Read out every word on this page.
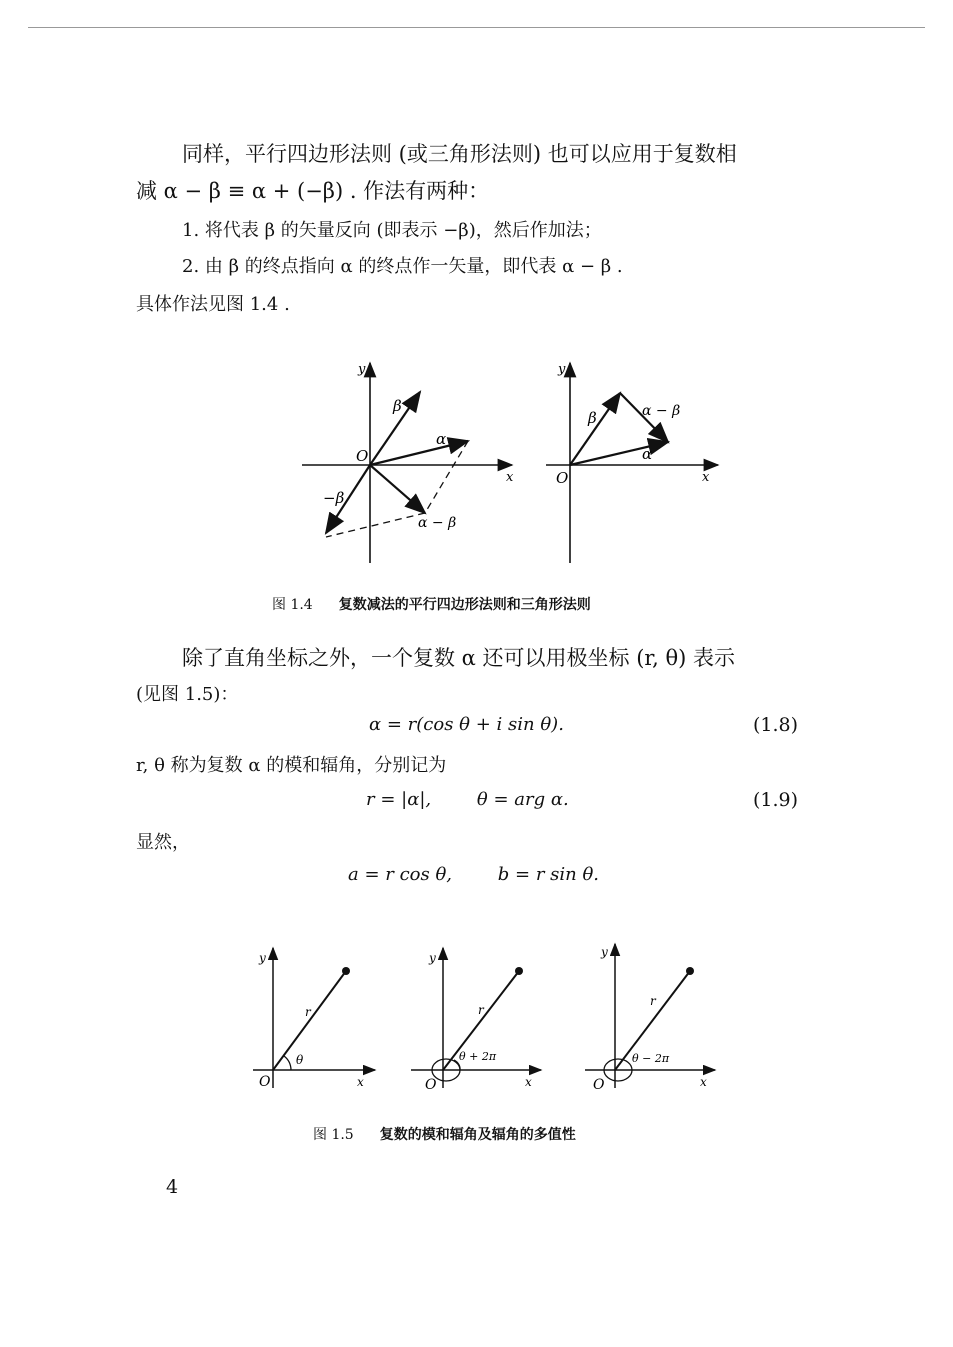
同样，平行四边形法则 (或三角形法则) 也可以应用于复数相
减 α − β ≡ α + (−β) . 作法有两种：
1. 将代表 β 的矢量反向 (即表示 −β)，然后作加法；
2. 由 β 的终点指向 α 的终点作一矢量，即代表 α − β .
具体作法见图 1.4 .
y
x
O
β
α
−β
α − β
y
x
O
β
α
α − β
图 1.4 复数减法的平行四边形法则和三角形法则
除了直角坐标之外，一个复数 α 还可以用极坐标 (r, θ) 表示
(见图 1.5)：
α = r(cos θ + i sin θ).	(1.8)
r, θ 称为复数 α 的模和辐角，分别记为
r = |α|,        θ = arg α.	(1.9)
显然，
a = r cos θ,        b = r sin θ.
y
x
O
r
θ
y
x
O
r
θ + 2π
y
x
O
r
θ − 2π
图 1.5 复数的模和辐角及辐角的多值性
4
